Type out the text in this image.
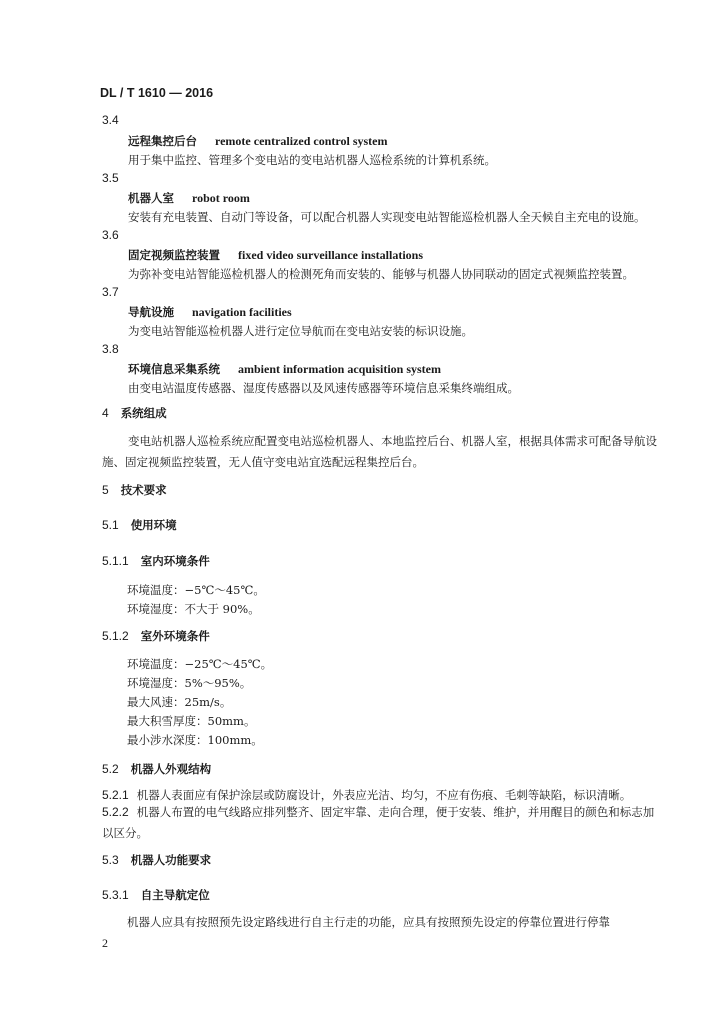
DL / T 1610 — 2016
3.4
远程集控后台 remote centralized control system
用于集中监控、管理多个变电站的变电站机器人巡检系统的计算机系统。
3.5
机器人室 robot room
安装有充电装置、自动门等设备，可以配合机器人实现变电站智能巡检机器人全天候自主充电的设施。
3.6
固定视频监控装置 fixed video surveillance installations
为弥补变电站智能巡检机器人的检测死角而安装的、能够与机器人协同联动的固定式视频监控装置。
3.7
导航设施 navigation facilities
为变电站智能巡检机器人进行定位导航而在变电站安装的标识设施。
3.8
环境信息采集系统 ambient information acquisition system
由变电站温度传感器、湿度传感器以及风速传感器等环境信息采集终端组成。
4 系统组成
变电站机器人巡检系统应配置变电站巡检机器人、本地监控后台、机器人室，根据具体需求可配备导航设施、固定视频监控装置，无人值守变电站宜选配远程集控后台。
5 技术要求
5.1 使用环境
5.1.1 室内环境条件
环境温度：−5℃～45℃。
环境湿度：不大于 90%。
5.1.2 室外环境条件
环境温度：−25℃～45℃。
环境湿度：5%～95%。
最大风速：25m/s。
最大积雪厚度：50mm。
最小涉水深度：100mm。
5.2 机器人外观结构
5.2.1 机器人表面应有保护涂层或防腐设计，外表应光洁、均匀，不应有伤痕、毛刺等缺陷，标识清晰。
5.2.2 机器人布置的电气线路应排列整齐、固定牢靠、走向合理，便于安装、维护，并用醒目的颜色和标志加以区分。
5.3 机器人功能要求
5.3.1 自主导航定位
机器人应具有按照预先设定路线进行自主行走的功能，应具有按照预先设定的停靠位置进行停靠
2
